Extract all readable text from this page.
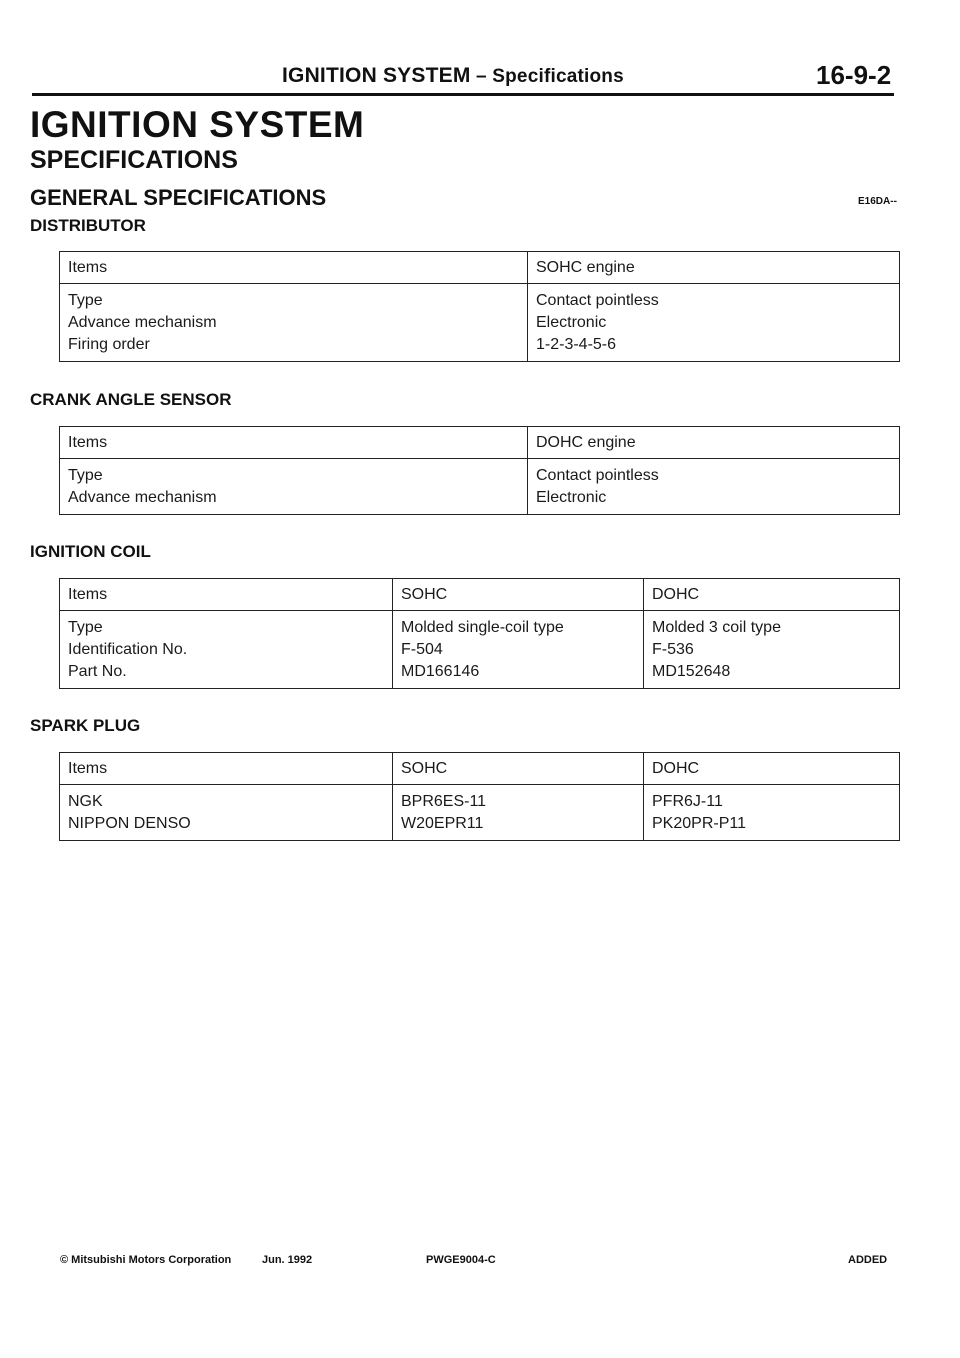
IGNITION SYSTEM – Specifications	16-9-2
IGNITION SYSTEM
SPECIFICATIONS
GENERAL SPECIFICATIONS	E16DA--
DISTRIBUTOR
Items	SOHC engine
Type	Contact pointless
Advance mechanism	Electronic
Firing order	1-2-3-4-5-6
CRANK ANGLE SENSOR
Items	DOHC engine
Type	Contact pointless
Advance mechanism	Electronic
IGNITION COIL
Items	SOHC	DOHC
Type	Molded single-coil type	Molded 3 coil type
Identification No.	F-504	F-536
Part No.	MD166146	MD152648
SPARK PLUG
Items	SOHC	DOHC
NGK	BPR6ES-11	PFR6J-11
NIPPON DENSO	W20EPR11	PK20PR-P11
© Mitsubishi Motors Corporation	Jun. 1992	PWGE9004-C	ADDED
